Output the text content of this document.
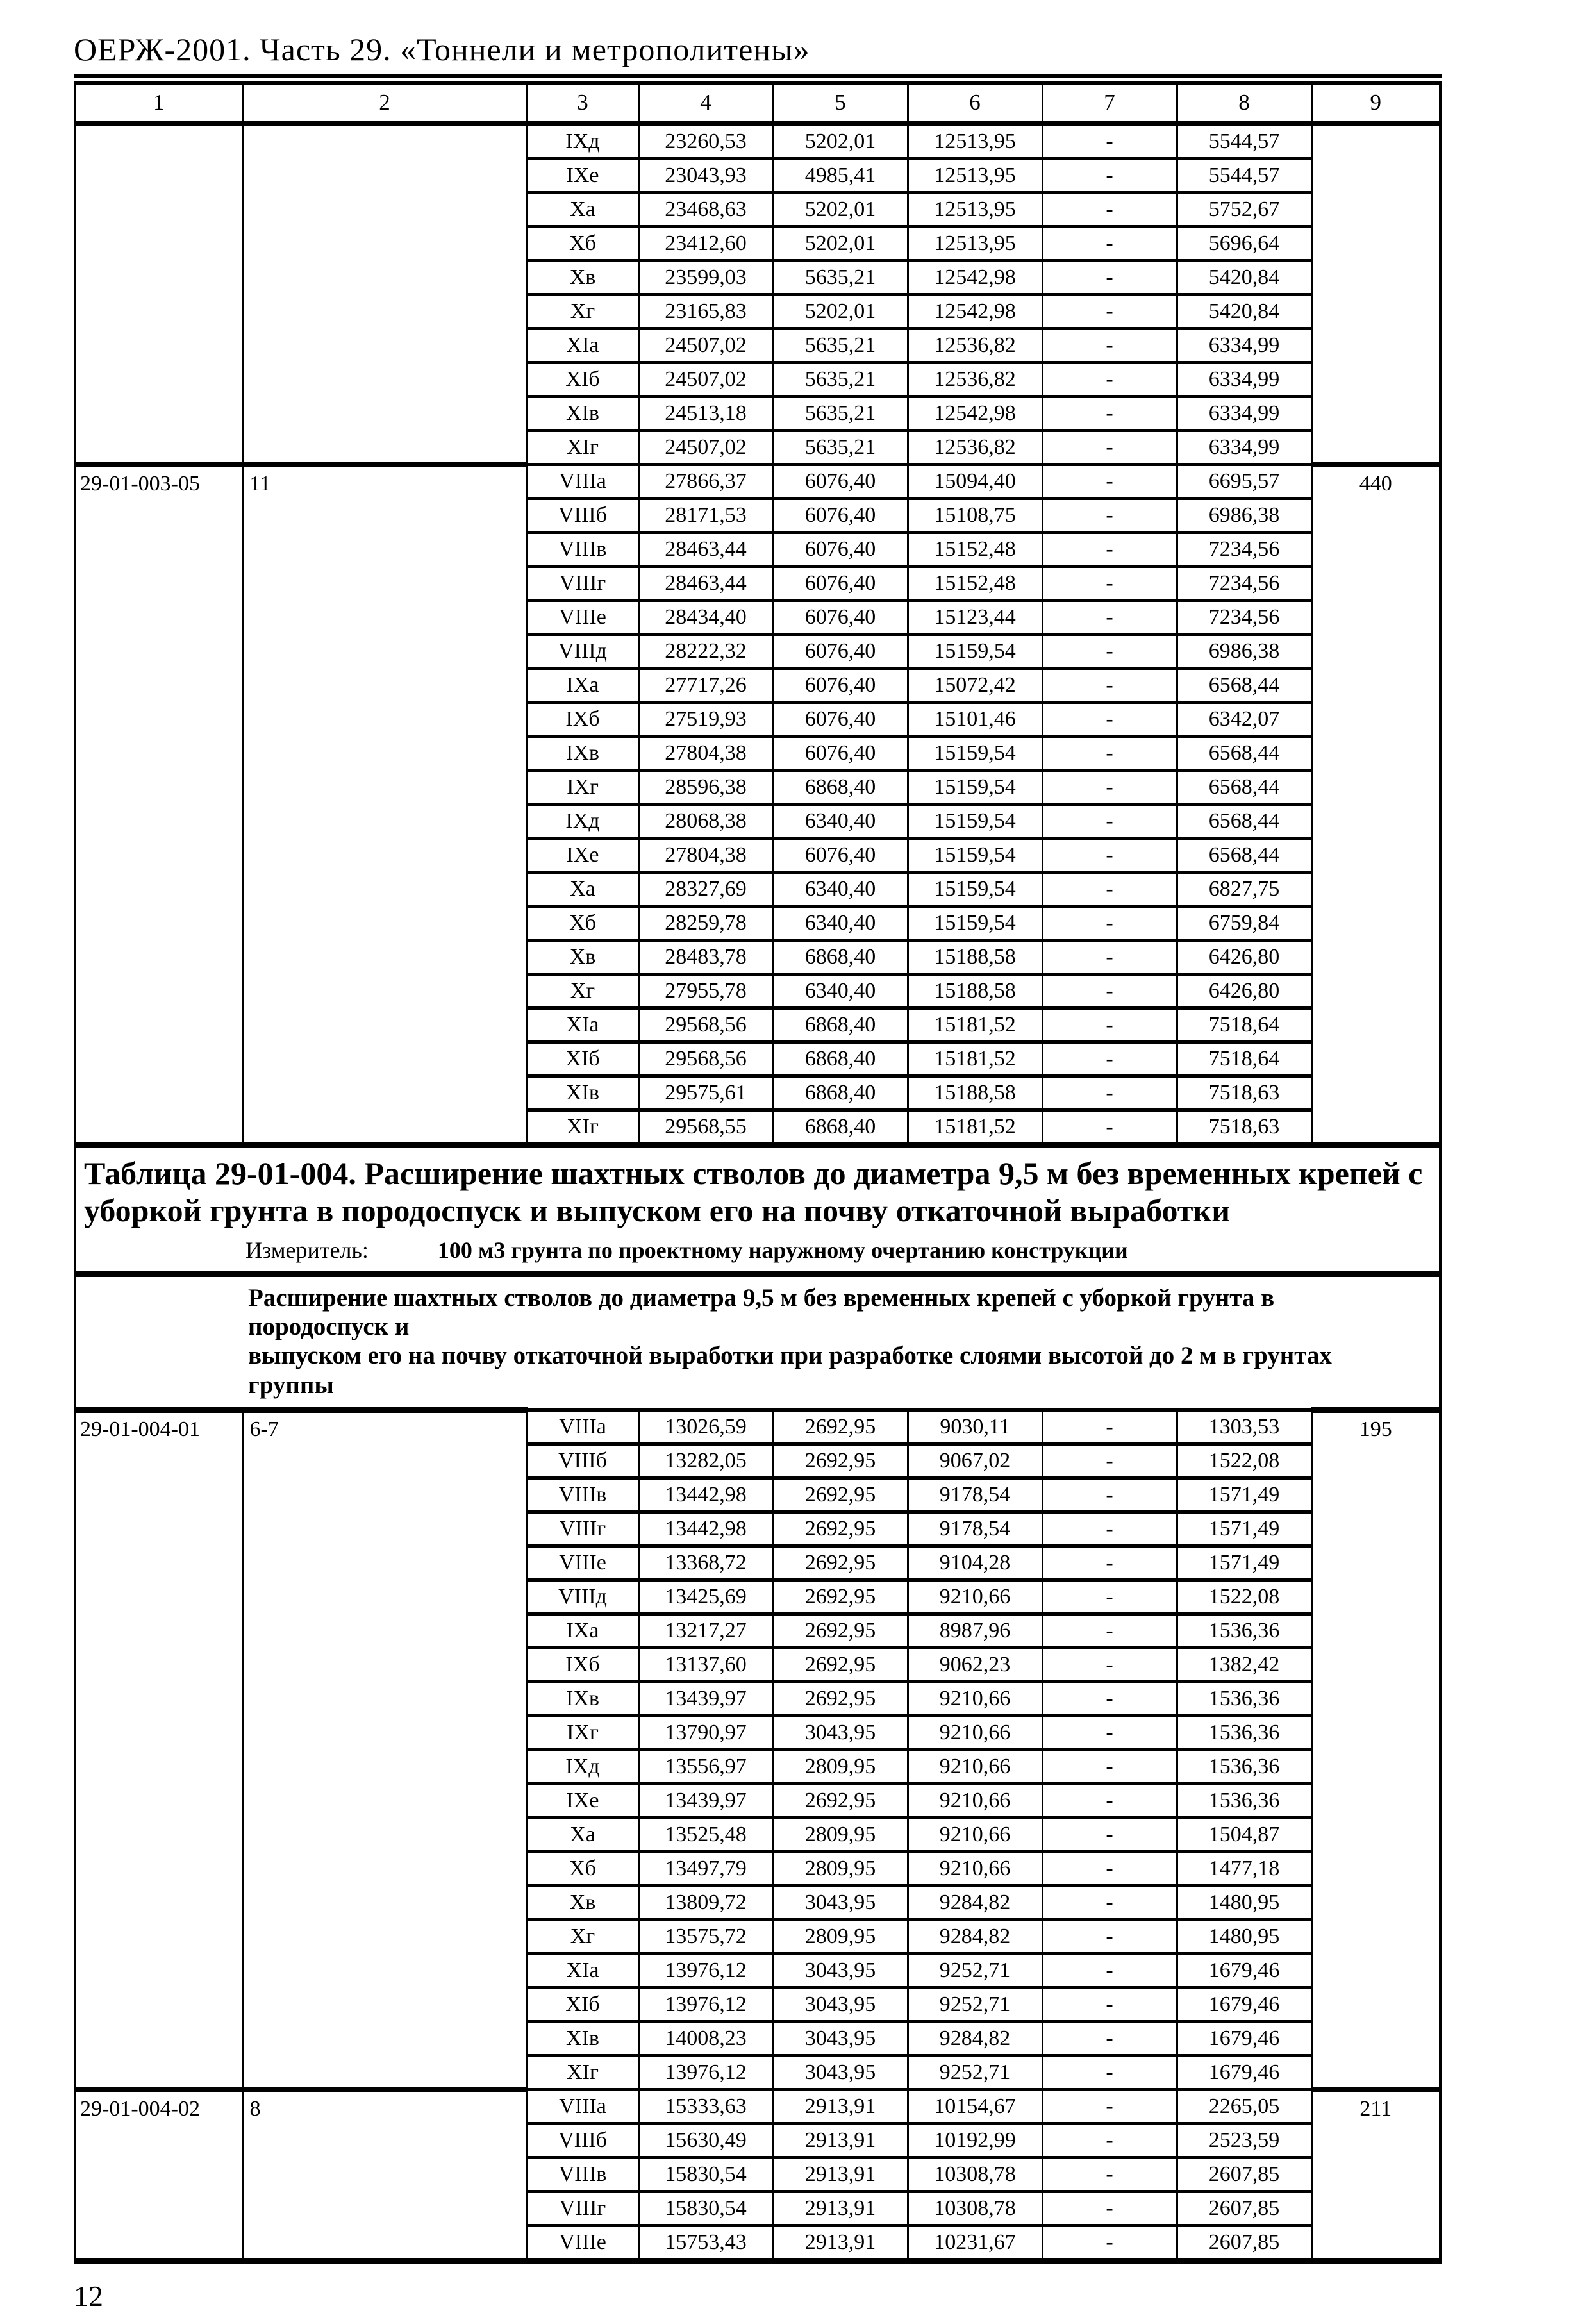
ОЕРЖ-2001. Часть 29. «Тоннели и метрополитены»
1	2	3	4	5	6	7	8	9
		IXд	23260,53	5202,01	12513,95	-	5544,57	
		IXе	23043,93	4985,41	12513,95	-	5544,57	
		Xа	23468,63	5202,01	12513,95	-	5752,67	
		Xб	23412,60	5202,01	12513,95	-	5696,64	
		Xв	23599,03	5635,21	12542,98	-	5420,84	
		Xг	23165,83	5202,01	12542,98	-	5420,84	
		XIа	24507,02	5635,21	12536,82	-	6334,99	
		XIб	24507,02	5635,21	12536,82	-	6334,99	
		XIв	24513,18	5635,21	12542,98	-	6334,99	
		XIг	24507,02	5635,21	12536,82	-	6334,99	
29-01-003-05	11	VIIIа	27866,37	6076,40	15094,40	-	6695,57	440
		VIIIб	28171,53	6076,40	15108,75	-	6986,38	
		VIIIв	28463,44	6076,40	15152,48	-	7234,56	
		VIIIг	28463,44	6076,40	15152,48	-	7234,56	
		VIIIе	28434,40	6076,40	15123,44	-	7234,56	
		VIIIд	28222,32	6076,40	15159,54	-	6986,38	
		IXа	27717,26	6076,40	15072,42	-	6568,44	
		IXб	27519,93	6076,40	15101,46	-	6342,07	
		IXв	27804,38	6076,40	15159,54	-	6568,44	
		IXг	28596,38	6868,40	15159,54	-	6568,44	
		IXд	28068,38	6340,40	15159,54	-	6568,44	
		IXе	27804,38	6076,40	15159,54	-	6568,44	
		Xа	28327,69	6340,40	15159,54	-	6827,75	
		Xб	28259,78	6340,40	15159,54	-	6759,84	
		Xв	28483,78	6868,40	15188,58	-	6426,80	
		Xг	27955,78	6340,40	15188,58	-	6426,80	
		XIа	29568,56	6868,40	15181,52	-	7518,64	
		XIб	29568,56	6868,40	15181,52	-	7518,64	
		XIв	29575,61	6868,40	15188,58	-	7518,63	
		XIг	29568,55	6868,40	15181,52	-	7518,63	

Таблица 29-01-004. Расширение шахтных стволов до диаметра 9,5 м без временных крепей с
уборкой грунта в породоспуск и выпуском его на почву откаточной выработки
Измеритель: 100 м3 грунта по проектному наружному очертанию конструкции								

Расширение шахтных стволов до диаметра 9,5 м без временных крепей с уборкой грунта в породоспуск и
выпуском его на почву откаточной выработки при разработке слоями высотой до 2 м в грунтах группы								

29-01-004-01	6-7	VIIIа	13026,59	2692,95	9030,11	-	1303,53	195
		VIIIб	13282,05	2692,95	9067,02	-	1522,08	
		VIIIв	13442,98	2692,95	9178,54	-	1571,49	
		VIIIг	13442,98	2692,95	9178,54	-	1571,49	
		VIIIе	13368,72	2692,95	9104,28	-	1571,49	
		VIIIд	13425,69	2692,95	9210,66	-	1522,08	
		IXа	13217,27	2692,95	8987,96	-	1536,36	
		IXб	13137,60	2692,95	9062,23	-	1382,42	
		IXв	13439,97	2692,95	9210,66	-	1536,36	
		IXг	13790,97	3043,95	9210,66	-	1536,36	
		IXд	13556,97	2809,95	9210,66	-	1536,36	
		IXе	13439,97	2692,95	9210,66	-	1536,36	
		Xа	13525,48	2809,95	9210,66	-	1504,87	
		Xб	13497,79	2809,95	9210,66	-	1477,18	
		Xв	13809,72	3043,95	9284,82	-	1480,95	
		Xг	13575,72	2809,95	9284,82	-	1480,95	
		XIа	13976,12	3043,95	9252,71	-	1679,46	
		XIб	13976,12	3043,95	9252,71	-	1679,46	
		XIв	14008,23	3043,95	9284,82	-	1679,46	
		XIг	13976,12	3043,95	9252,71	-	1679,46	
29-01-004-02	8	VIIIа	15333,63	2913,91	10154,67	-	2265,05	211
		VIIIб	15630,49	2913,91	10192,99	-	2523,59	
		VIIIв	15830,54	2913,91	10308,78	-	2607,85	
		VIIIг	15830,54	2913,91	10308,78	-	2607,85	
		VIIIе	15753,43	2913,91	10231,67	-	2607,85	
12
